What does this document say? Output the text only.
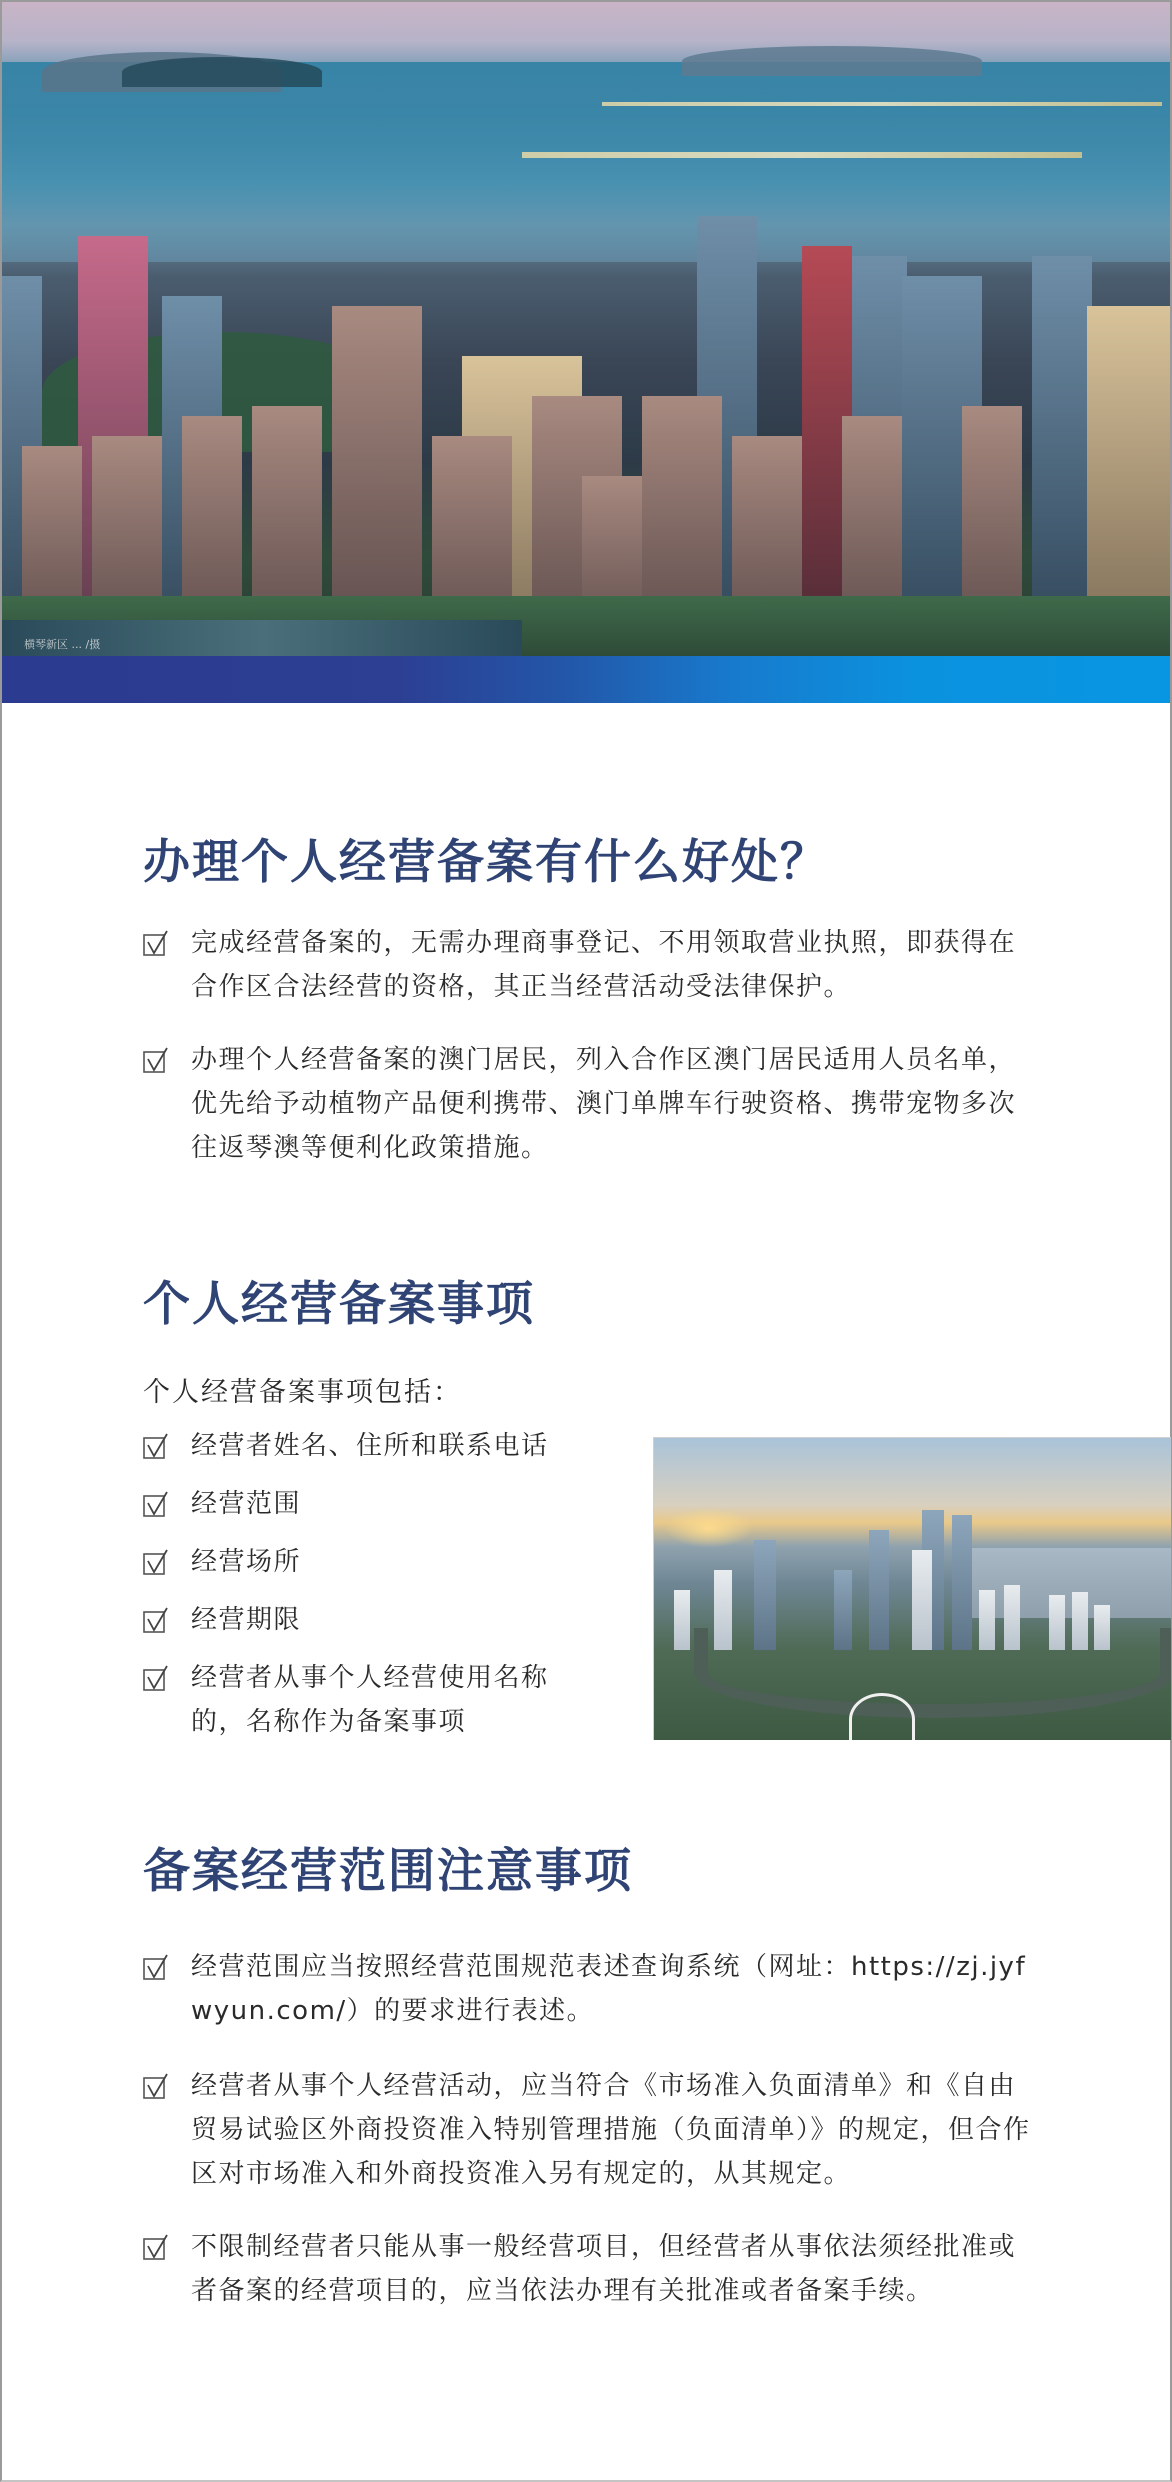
横琴新区 ... /摄
办理个人经营备案有什么好处？
完成经营备案的，无需办理商事登记、不用领取营业执照，即获得在合作区合法经营的资格，其正当经营活动受法律保护。
办理个人经营备案的澳门居民，列入合作区澳门居民适用人员名单，优先给予动植物产品便利携带、澳门单牌车行驶资格、携带宠物多次往返琴澳等便利化政策措施。
个人经营备案事项
个人经营备案事项包括：
经营者姓名、住所和联系电话
经营范围
经营场所
经营期限
经营者从事个人经营使用名称的，名称作为备案事项
备案经营范围注意事项
经营范围应当按照经营范围规范表述查询系统（网址：https://zj.jyfwyun.com/）的要求进行表述。
经营者从事个人经营活动，应当符合《市场准入负面清单》和《自由贸易试验区外商投资准入特别管理措施（负面清单）》的规定，但合作区对市场准入和外商投资准入另有规定的，从其规定。
不限制经营者只能从事一般经营项目，但经营者从事依法须经批准或者备案的经营项目的，应当依法办理有关批准或者备案手续。
